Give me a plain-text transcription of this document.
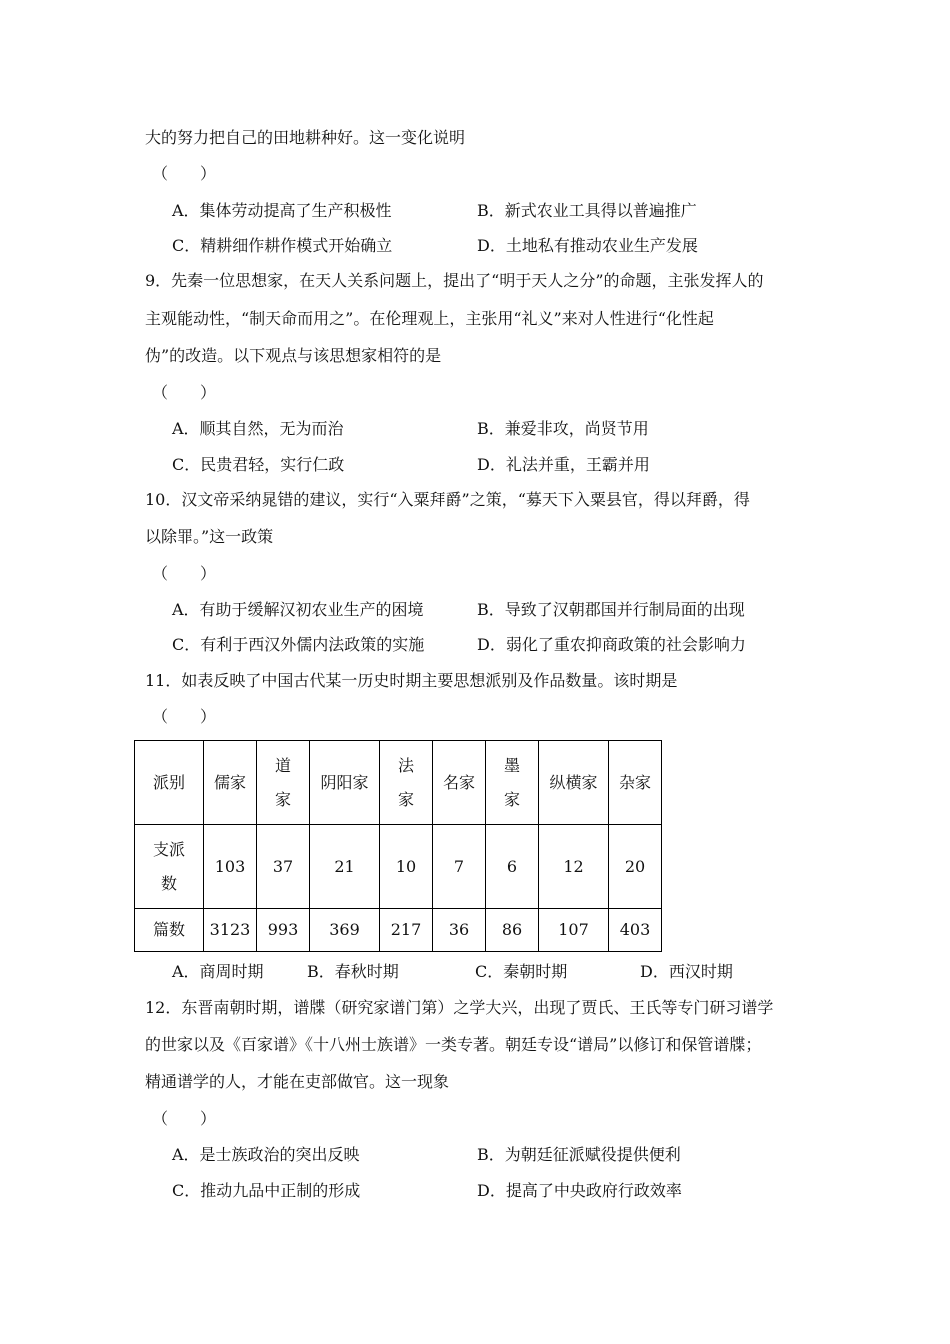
大的努力把自己的田地耕种好。这一变化说明
（　　）
A．集体劳动提高了生产积极性	B．新式农业工具得以普遍推广
C．精耕细作耕作模式开始确立	D．土地私有推动农业生产发展
9．先秦一位思想家，在天人关系问题上，提出了“明于天人之分”的命题，主张发挥人的
主观能动性，“制天命而用之”。在伦理观上，主张用“礼义”来对人性进行“化性起
伪”的改造。以下观点与该思想家相符的是
（　　）
A．顺其自然，无为而治	B．兼爱非攻，尚贤节用
C．民贵君轻，实行仁政	D．礼法并重，王霸并用
10．汉文帝采纳晁错的建议，实行“入粟拜爵”之策，“募天下入粟县官，得以拜爵，得
以除罪。”这一政策
（　　）
A．有助于缓解汉初农业生产的困境	B．导致了汉朝郡国并行制局面的出现
C．有利于西汉外儒内法政策的实施	D．弱化了重农抑商政策的社会影响力
11．如表反映了中国古代某一历史时期主要思想派别及作品数量。该时期是
（　　）
派别	儒家	道家	阴阳家	法家	名家	墨家	纵横家	杂家
支派数	103	37	21	10	7	6	12	20
篇数	3123	993	369	217	36	86	107	403
A．商周时期	B．春秋时期	C．秦朝时期	D．西汉时期
12．东晋南朝时期，谱牒（研究家谱门第）之学大兴，出现了贾氏、王氏等专门研习谱学
的世家以及《百家谱》《十八州士族谱》一类专著。朝廷专设“谱局”以修订和保管谱牒；
精通谱学的人，才能在吏部做官。这一现象
（　　）
A．是士族政治的突出反映	B．为朝廷征派赋役提供便利
C．推动九品中正制的形成	D．提高了中央政府行政效率
